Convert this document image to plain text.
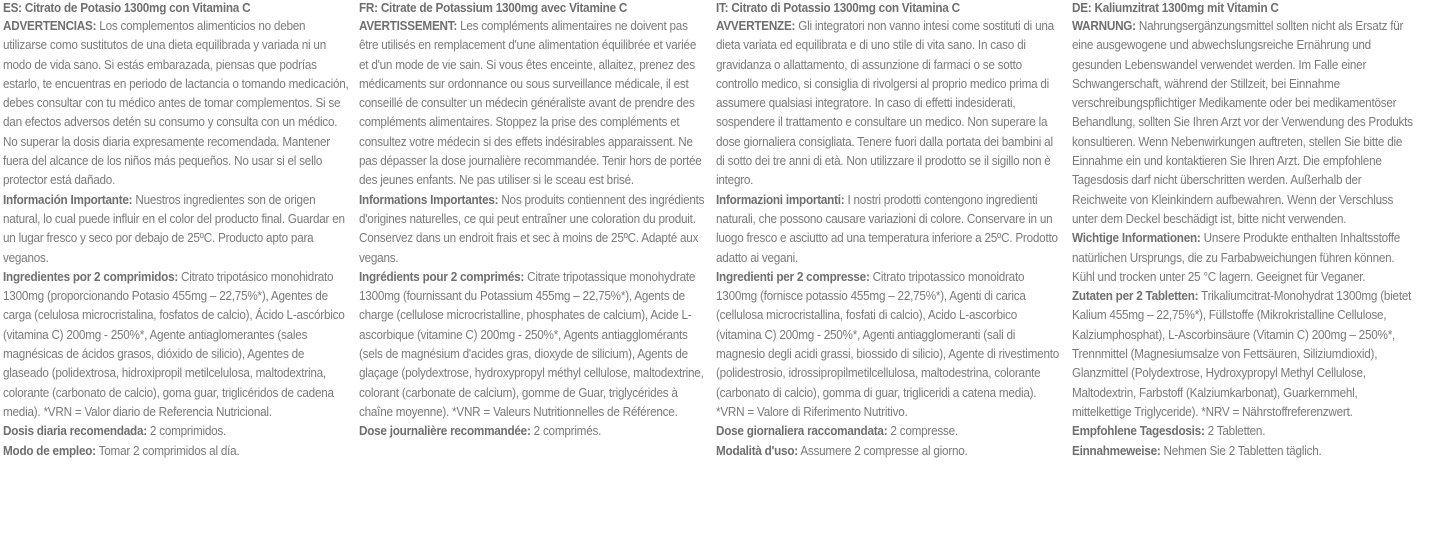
ES: Citrato de Potasio 1300mg con Vitamina C

ADVERTENCIAS: Los complementos alimenticios no deben utilizarse como sustitutos de una dieta equilibrada y variada ni un modo de vida sano. Si estás embarazada, piensas que podrías estarlo, te encuentras en periodo de lactancia o tomando medicación, debes consultar con tu médico antes de tomar complementos. Si se dan efectos adversos detén su consumo y consulta con un médico. No superar la dosis diaria expresamente recomendada. Mantener fuera del alcance de los niños más pequeños. No usar si el sello protector está dañado.

Información Importante: Nuestros ingredientes son de origen natural, lo cual puede influir en el color del producto final. Guardar en un lugar fresco y seco por debajo de 25ºC. Producto apto para veganos.

Ingredientes por 2 comprimidos: Citrato tripotásico monohidrato 1300mg (proporcionando Potasio 455mg – 22,75%*), Agentes de carga (celulosa microcristalina, fosfatos de calcio), Ácido L-ascórbico (vitamina C) 200mg - 250%*, Agente antiaglomerantes (sales magnésicas de ácidos grasos, dióxido de silicio), Agentes de glaseado (polidextrosa, hidroxipropil metilcelulosa, maltodextrina, colorante (carbonato de calcio), goma guar, triglicéridos de cadena media). *VRN = Valor diario de Referencia Nutricional.

Dosis diaria recomendada: 2 comprimidos.

Modo de empleo: Tomar 2 comprimidos al día.

FR: Citrate de Potassium 1300mg avec Vitamine C

AVERTISSEMENT: Les compléments alimentaires ne doivent pas être utilisés en remplacement d'une alimentation équilibrée et variée et d'un mode de vie sain. Si vous êtes enceinte, allaitez, prenez des médicaments sur ordonnance ou sous surveillance médicale, il est conseillé de consulter un médecin généraliste avant de prendre des compléments alimentaires. Stoppez la prise des compléments et consultez votre médecin si des effets indésirables apparaissent. Ne pas dépasser la dose journalière recommandée. Tenir hors de portée des jeunes enfants. Ne pas utiliser si le sceau est brisé.

Informations Importantes: Nos produits contiennent des ingrédients d'origines naturelles, ce qui peut entraîner une coloration du produit. Conservez dans un endroit frais et sec à moins de 25ºC. Adapté aux vegans.

Ingrédients pour 2 comprimés: Citrate tripotassique monohydrate 1300mg (fournissant du Potassium 455mg – 22,75%*), Agents de charge (cellulose microcristalline, phosphates de calcium), Acide L-ascorbique (vitamine C) 200mg - 250%*, Agents antiagglomérants (sels de magnésium d'acides gras, dioxyde de silicium), Agents de glaçage (polydextrose, hydroxypropyl méthyl cellulose, maltodextrine, colorant (carbonate de calcium), gomme de Guar, triglycérides à chaîne moyenne). *VNR = Valeurs Nutritionnelles de Référence.

Dose journalière recommandée: 2 comprimés.

IT: Citrato di Potassio 1300mg con Vitamina C

AVVERTENZE: Gli integratori non vanno intesi come sostituti di una dieta variata ed equilibrata e di uno stile di vita sano. In caso di gravidanza o allattamento, di assunzione di farmaci o se sotto controllo medico, si consiglia di rivolgersi al proprio medico prima di assumere qualsiasi integratore. In caso di effetti indesiderati, sospendere il trattamento e consultare un medico. Non superare la dose giornaliera consigliata. Tenere fuori dalla portata dei bambini al di sotto dei tre anni di età. Non utilizzare il prodotto se il sigillo non è integro.

Informazioni importanti: I nostri prodotti contengono ingredienti naturali, che possono causare variazioni di colore. Conservare in un luogo fresco e asciutto ad una temperatura inferiore a 25ºC. Prodotto adatto ai vegani.

Ingredienti per 2 compresse: Citrato tripotassico monoidrato 1300mg (fornisce potassio 455mg – 22,75%*), Agenti di carica (cellulosa microcristallina, fosfati di calcio), Acido L-ascorbico (vitamina C) 200mg - 250%*, Agenti antiagglomeranti (sali di magnesio degli acidi grassi, biossido di silicio), Agente di rivestimento (polidestrosio, idrossipropilmetilcellulosa, maltodestrina, colorante (carbonato di calcio), gomma di guar, trigliceridi a catena media). *VRN = Valore di Riferimento Nutritivo.

Dose giornaliera raccomandata: 2 compresse.

Modalità d'uso: Assumere 2 compresse al giorno.

DE: Kaliumzitrat 1300mg mit Vitamin C

WARNUNG: Nahrungsergänzungsmittel sollten nicht als Ersatz für eine ausgewogene und abwechslungsreiche Ernährung und gesunden Lebenswandel verwendet werden. Im Falle einer Schwangerschaft, während der Stillzeit, bei Einnahme verschreibungspflichtiger Medikamente oder bei medikamentöser Behandlung, sollten Sie Ihren Arzt vor der Verwendung des Produkts konsultieren. Wenn Nebenwirkungen auftreten, stellen Sie bitte die Einnahme ein und kontaktieren Sie Ihren Arzt. Die empfohlene Tagesdosis darf nicht überschritten werden. Außerhalb der Reichweite von Kleinkindern aufbewahren. Wenn der Verschluss unter dem Deckel beschädigt ist, bitte nicht verwenden.

Wichtige Informationen: Unsere Produkte enthalten Inhaltsstoffe natürlichen Ursprungs, die zu Farbabweichungen führen können. Kühl und trocken unter 25 °C lagern. Geeignet für Veganer.

Zutaten per 2 Tabletten: Trikaliumcitrat-Monohydrat 1300mg (bietet Kalium 455mg – 22,75%*), Füllstoffe (Mikrokristalline Cellulose, Kalziumphosphat), L-Ascorbinsäure (Vitamin C) 200mg – 250%*, Trennmittel (Magnesiumsalze von Fettsäuren, Siliziumdioxid), Glanzmittel (Polydextrose, Hydroxypropyl Methyl Cellulose, Maltodextrin, Farbstoff (Kalziumkarbonat), Guarkernmehl, mittelkettige Triglyceride). *NRV = Nährstoffreferenzwert.

Empfohlene Tagesdosis: 2 Tabletten.

Einnahmeweise: Nehmen Sie 2 Tabletten täglich.
